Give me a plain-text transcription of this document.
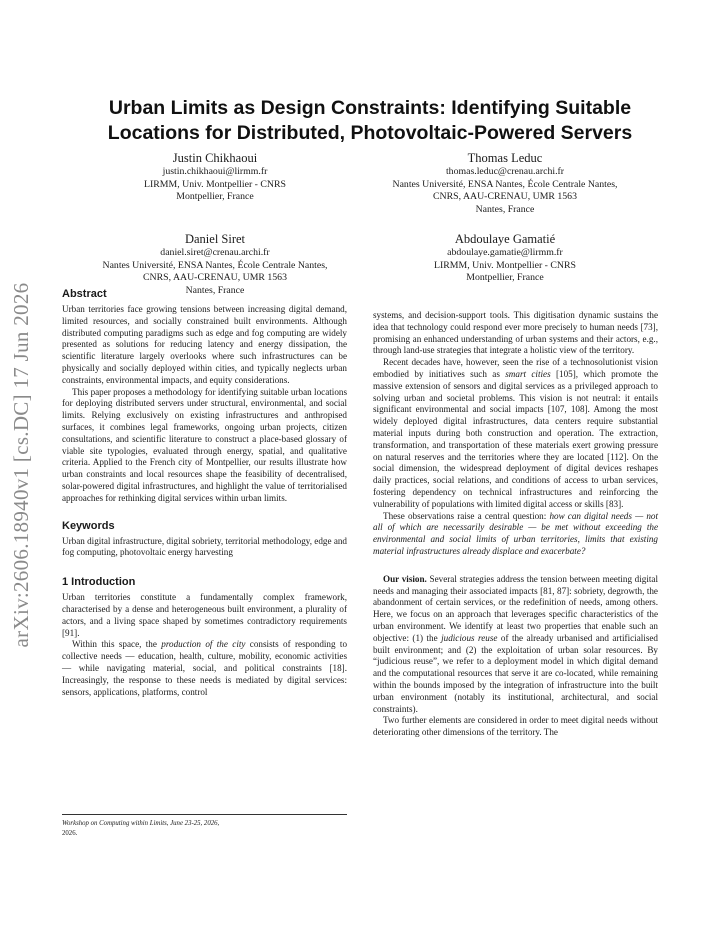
arXiv:2606.18940v1 [cs.DC] 17 Jun 2026
Urban Limits as Design Constraints: Identifying Suitable
Locations for Distributed, Photovoltaic-Powered Servers
Justin Chikhaoui
justin.chikhaoui@lirmm.fr
LIRMM, Univ. Montpellier - CNRS
Montpellier, France
Thomas Leduc
thomas.leduc@crenau.archi.fr
Nantes Université, ENSA Nantes, École Centrale Nantes,
CNRS, AAU-CRENAU, UMR 1563
Nantes, France
Daniel Siret
daniel.siret@crenau.archi.fr
Nantes Université, ENSA Nantes, École Centrale Nantes,
CNRS, AAU-CRENAU, UMR 1563
Nantes, France
Abdoulaye Gamatié
abdoulaye.gamatie@lirmm.fr
LIRMM, Univ. Montpellier - CNRS
Montpellier, France
Abstract

Urban territories face growing tensions between increasing digital demand, limited resources, and socially constrained built environments. Although distributed computing paradigms such as edge and fog computing are widely presented as solutions for reducing latency and energy dissipation, the scientific literature largely overlooks where such infrastructures can be physically and socially deployed within cities, and typically neglects urban constraints, environmental impacts, and equity considerations.

This paper proposes a methodology for identifying suitable urban locations for deploying distributed servers under structural, environmental, and social limits. Relying exclusively on existing infrastructures and anthropised surfaces, it combines legal frameworks, ongoing urban projects, citizen consultations, and scientific literature to construct a place-based glossary of viable site typologies, evaluated through energy, spatial, and qualitative criteria. Applied to the French city of Montpellier, our results illustrate how urban constraints and local resources shape the feasibility of decentralised, solar-powered digital infrastructures, and highlight the value of territorialised approaches for rethinking digital services within urban limits.

Keywords

Urban digital infrastructure, digital sobriety, territorial methodology, edge and fog computing, photovoltaic energy harvesting

1 Introduction

Urban territories constitute a fundamentally complex framework, characterised by a dense and heterogeneous built environment, a plurality of actors, and a living space shaped by sometimes contradictory requirements [91].

Within this space, the production of the city consists of responding to collective needs — education, health, culture, mobility, economic activities — while navigating material, social, and political constraints [18]. Increasingly, the response to these needs is mediated by digital services: sensors, applications, platforms, control

Workshop on Computing within Limits, June 23-25, 2026,
2026.

systems, and decision-support tools. This digitisation dynamic sustains the idea that technology could respond ever more precisely to human needs [73], promising an enhanced understanding of urban systems and their actors, e.g., through land-use strategies that integrate a holistic view of the territory.

Recent decades have, however, seen the rise of a technosolutionist vision embodied by initiatives such as smart cities [105], which promote the massive extension of sensors and digital services as a privileged approach to solving urban and societal problems. This vision is not neutral: it entails significant environmental and social impacts [107, 108]. Among the most widely deployed digital infrastructures, data centers require substantial material inputs during both construction and operation. The extraction, transformation, and transportation of these materials exert growing pressure on natural reserves and the territories where they are located [112]. On the social dimension, the widespread deployment of digital devices reshapes daily practices, social relations, and conditions of access to urban services, fostering dependency on technical infrastructures and reinforcing the vulnerability of populations with limited digital access or skills [83].

These observations raise a central question: how can digital needs — not all of which are necessarily desirable — be met without exceeding the environmental and social limits of urban territories, limits that existing material infrastructures already displace and exacerbate?

Our vision. Several strategies address the tension between meeting digital needs and managing their associated impacts [81, 87]: sobriety, degrowth, the abandonment of certain services, or the redefinition of needs, among others. Here, we focus on an approach that leverages specific characteristics of the urban environment. We identify at least two properties that enable such an objective: (1) the judicious reuse of the already urbanised and artificialised built environment; and (2) the exploitation of urban solar resources. By “judicious reuse”, we refer to a deployment model in which digital demand and the computational resources that serve it are co-located, while remaining within the bounds imposed by the integration of infrastructure into the built urban environment (notably its institutional, architectural, and social constraints).

Two further elements are considered in order to meet digital needs without deteriorating other dimensions of the territory. The
